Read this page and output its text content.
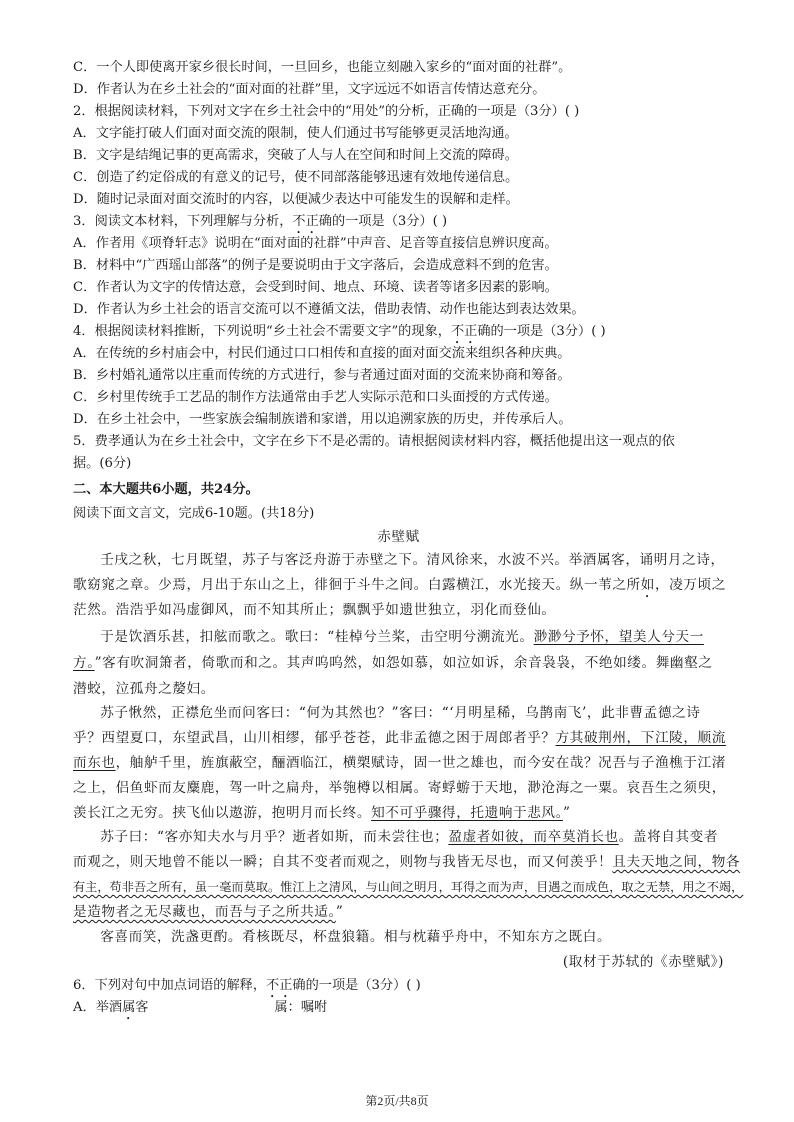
C．一个人即使离开家乡很长时间，一旦回乡，也能立刻融入家乡的“面对面的社群”。
D．作者认为在乡土社会的“面对面的社群”里，文字远远不如语言传情达意充分。
2．根据阅读材料，下列对文字在乡土社会中的“用处”的分析，正确的一项是（3分）( )
A．文字能打破人们面对面交流的限制，使人们通过书写能够更灵活地沟通。
B．文字是结绳记事的更高需求，突破了人与人在空间和时间上交流的障碍。
C．创造了约定俗成的有意义的记号，使不同部落能够迅速有效地传递信息。
D．随时记录面对面交流时的内容，以便减少表达中可能发生的误解和走样。
3．阅读文本材料，下列理解与分析，不正确的一项是（3分）( )
A．作者用《项脊轩志》说明在“面对面的社群”中声音、足音等直接信息辨识度高。
B．材料中“广西瑶山部落”的例子是要说明由于文字落后，会造成意料不到的危害。
C．作者认为文字的传情达意，会受到时间、地点、环境、读者等诸多因素的影响。
D．作者认为乡土社会的语言交流可以不遵循文法，借助表情、动作也能达到表达效果。
4．根据阅读材料推断，下列说明“乡土社会不需要文字”的现象，不正确的一项是（3分）( )
A．在传统的乡村庙会中，村民们通过口口相传和直接的面对面交流来组织各种庆典。
B．乡村婚礼通常以庄重而传统的方式进行，参与者通过面对面的交流来协商和筹备。
C．乡村里传统手工艺品的制作方法通常由手艺人实际示范和口头面授的方式传递。
D．在乡土社会中，一些家族会编制族谱和家谱，用以追溯家族的历史，并传承后人。
5．费孝通认为在乡土社会中，文字在乡下不是必需的。请根据阅读材料内容，概括他提出这一观点的依
据。(6分)
二、本大题共6小题，共24分。
阅读下面文言文，完成6-10题。(共18分)
赤壁赋
壬戌之秋，七月既望，苏子与客泛舟游于赤壁之下。清风徐来，水波不兴。举酒属客，诵明月之诗，
歌窈窕之章。少焉，月出于东山之上，徘徊于斗牛之间。白露横江，水光接天。纵一苇之所如，凌万顷之
茫然。浩浩乎如冯虚御风，而不知其所止；飘飘乎如遗世独立，羽化而登仙。
于是饮酒乐甚，扣舷而歌之。歌曰：“桂棹兮兰桨，击空明兮溯流光。渺渺兮予怀，望美人兮天一
方。”客有吹洞箫者，倚歌而和之。其声呜呜然，如怨如慕，如泣如诉，余音袅袅，不绝如缕。舞幽壑之
潜蛟，泣孤舟之嫠妇。
苏子愀然，正襟危坐而问客曰：“何为其然也？”客曰：“‘月明星稀，乌鹊南飞’，此非曹孟德之诗
乎？西望夏口，东望武昌，山川相缪，郁乎苍苍，此非孟德之困于周郎者乎？方其破荆州，下江陵，顺流
而东也，舳舻千里，旌旗蔽空，酾酒临江，横槊赋诗，固一世之雄也，而今安在哉？况吾与子渔樵于江渚
之上，侣鱼虾而友麋鹿，驾一叶之扁舟，举匏樽以相属。寄蜉蝣于天地，渺沧海之一粟。哀吾生之须臾，
羡长江之无穷。挟飞仙以遨游，抱明月而长终。知不可乎骤得，托遗响于悲风。”
苏子曰：“客亦知夫水与月乎？逝者如斯，而未尝往也；盈虚者如彼，而卒莫消长也。盖将自其变者
而观之，则天地曾不能以一瞬；自其不变者而观之，则物与我皆无尽也，而又何羡乎！且夫天地之间，物各
有主，苟非吾之所有，虽一毫而莫取。惟江上之清风，与山间之明月，耳得之而为声，目遇之而成色，取之无禁，用之不竭，
是造物者之无尽藏也，而吾与子之所共适。”
客喜而笑，洗盏更酌。肴核既尽，杯盘狼籍。相与枕藉乎舟中，不知东方之既白。
(取材于苏轼的《赤壁赋》)
6．下列对句中加点词语的解释，不正确的一项是（3分）( )
A．举酒属客	属：嘱咐
第2页/共8页
